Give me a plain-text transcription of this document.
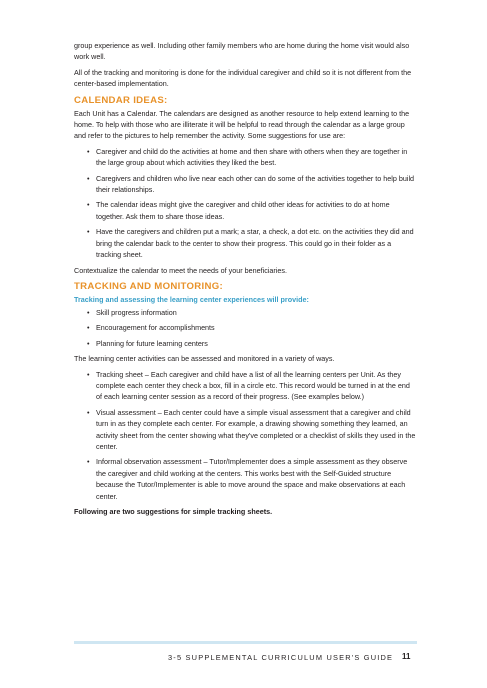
group experience as well. Including other family members who are home during the home visit would also work well.

All of the tracking and monitoring is done for the individual caregiver and child so it is not different from the center-based implementation.

CALENDAR IDEAS:

Each Unit has a Calendar. The calendars are designed as another resource to help extend learning to the home. To help with those who are illiterate it will be helpful to read through the calendar as a large group and refer to the pictures to help remember the activity. Some suggestions for use are:

• Caregiver and child do the activities at home and then share with others when they are together in the large group about which activities they liked the best.
• Caregivers and children who live near each other can do some of the activities together to help build their relationships.
• The calendar ideas might give the caregiver and child other ideas for activities to do at home together. Ask them to share those ideas.
• Have the caregivers and children put a mark; a star, a check, a dot etc. on the activities they did and bring the calendar back to the center to show their progress. This could go in their folder as a tracking sheet.

Contextualize the calendar to meet the needs of your beneficiaries.

TRACKING AND MONITORING:

Tracking and assessing the learning center experiences will provide:

• Skill progress information
• Encouragement for accomplishments
• Planning for future learning centers

The learning center activities can be assessed and monitored in a variety of ways.

• Tracking sheet – Each caregiver and child have a list of all the learning centers per Unit. As they complete each center they check a box, fill in a circle etc. This record would be turned in at the end of each learning center session as a record of their progress. (See examples below.)
• Visual assessment – Each center could have a simple visual assessment that a caregiver and child turn in as they complete each center. For example, a drawing showing something they learned, an activity sheet from the center showing what they've completed or a checklist of skills they used in the center.
• Informal observation assessment – Tutor/Implementer does a simple assessment as they observe the caregiver and child working at the centers. This works best with the Self-Guided structure because the Tutor/Implementer is able to move around the space and make observations at each center.

Following are two suggestions for simple tracking sheets.

3-5 SUPPLEMENTAL CURRICULUM USER'S GUIDE 11
